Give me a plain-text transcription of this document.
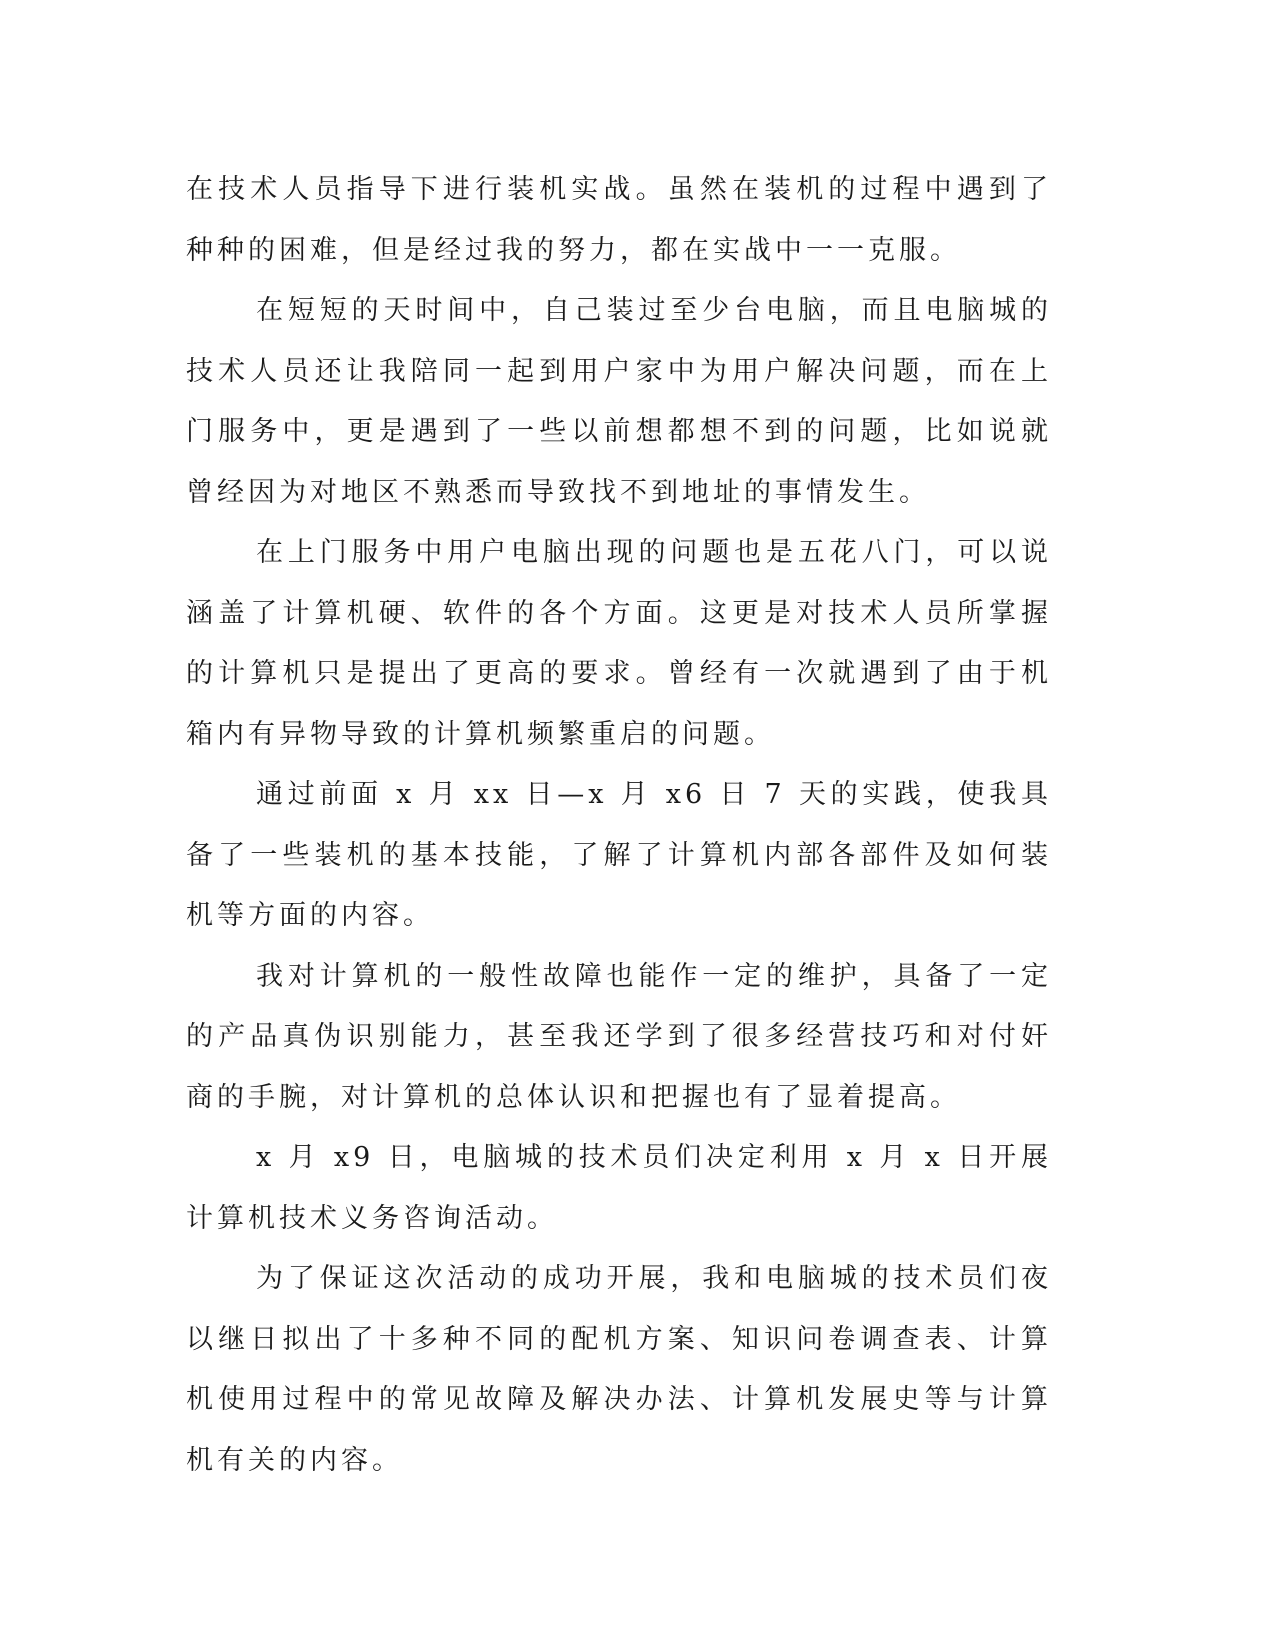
在技术人员指导下进行装机实战。虽然在装机的过程中遇到了种种的困难，但是经过我的努力，都在实战中一一克服。

在短短的天时间中，自己装过至少台电脑，而且电脑城的技术人员还让我陪同一起到用户家中为用户解决问题，而在上门服务中，更是遇到了一些以前想都想不到的问题，比如说就曾经因为对地区不熟悉而导致找不到地址的事情发生。

在上门服务中用户电脑出现的问题也是五花八门，可以说涵盖了计算机硬、软件的各个方面。这更是对技术人员所掌握的计算机只是提出了更高的要求。曾经有一次就遇到了由于机箱内有异物导致的计算机频繁重启的问题。

通过前面 x 月 xx 日—x 月 x6 日 7 天的实践，使我具备了一些装机的基本技能，了解了计算机内部各部件及如何装机等方面的内容。

我对计算机的一般性故障也能作一定的维护，具备了一定的产品真伪识别能力，甚至我还学到了很多经营技巧和对付奸商的手腕，对计算机的总体认识和把握也有了显着提高。

x 月 x9 日，电脑城的技术员们决定利用 x 月 x 日开展计算机技术义务咨询活动。

为了保证这次活动的成功开展，我和电脑城的技术员们夜以继日拟出了十多种不同的配机方案、知识问卷调查表、计算机使用过程中的常见故障及解决办法、计算机发展史等与计算机有关的内容。
